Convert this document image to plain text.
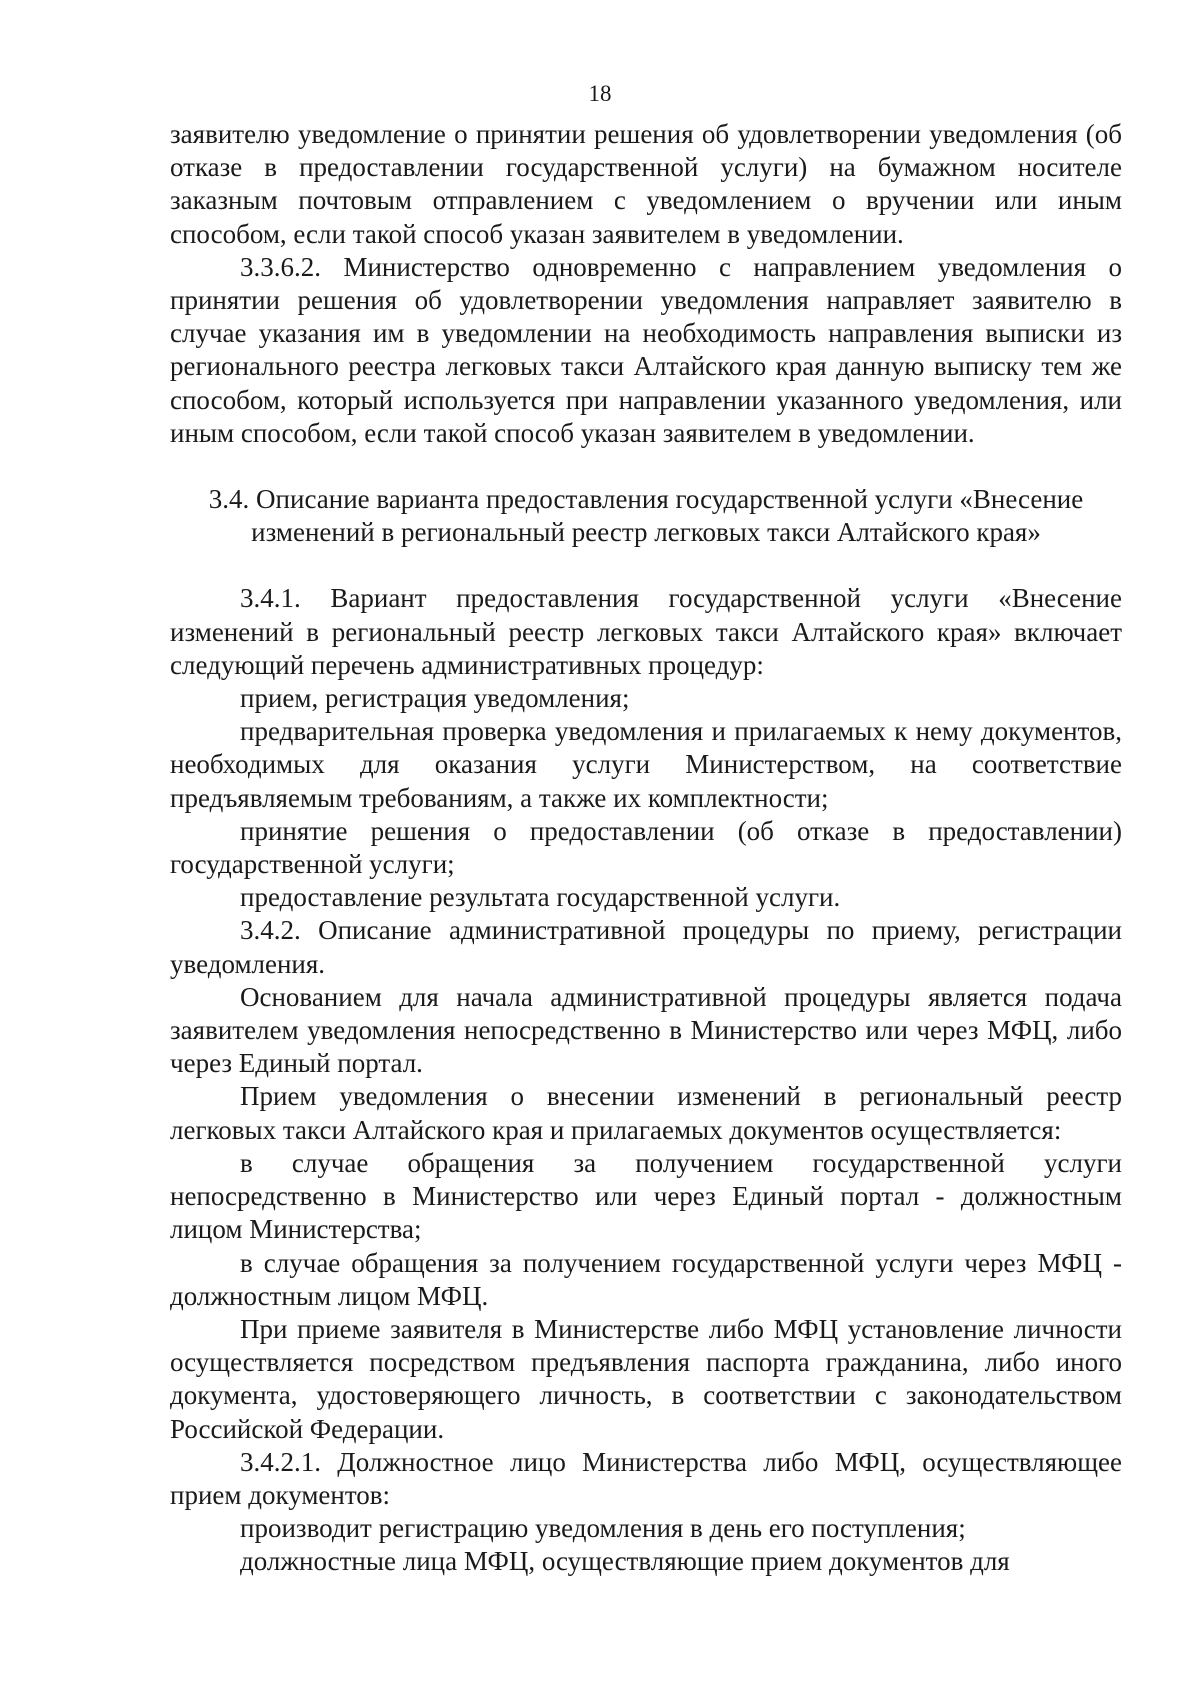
18

заявителю уведомление о принятии решения об удовлетворении уведомления (об отказе в предоставлении государственной услуги) на бумажном носителе заказным почтовым отправлением с уведомлением о вручении или иным способом, если такой способ указан заявителем в уведомлении.

3.3.6.2. Министерство одновременно с направлением уведомления о принятии решения об удовлетворении уведомления направляет заявителю в случае указания им в уведомлении на необходимость направления выписки из регионального реестра легковых такси Алтайского края данную выписку тем же способом, который используется при направлении указанного уведомления, или иным способом, если такой способ указан заявителем в уведомлении.

3.4. Описание варианта предоставления государственной услуги «Внесение изменений в региональный реестр легковых такси Алтайского края»

3.4.1. Вариант предоставления государственной услуги «Внесение изменений в региональный реестр легковых такси Алтайского края» включает следующий перечень административных процедур:

прием, регистрация уведомления;

предварительная проверка уведомления и прилагаемых к нему документов, необходимых для оказания услуги Министерством, на соответствие предъявляемым требованиям, а также их комплектности;

принятие решения о предоставлении (об отказе в предоставлении) государственной услуги;

предоставление результата государственной услуги.

3.4.2. Описание административной процедуры по приему, регистрации уведомления.

Основанием для начала административной процедуры является подача заявителем уведомления непосредственно в Министерство или через МФЦ, либо через Единый портал.

Прием уведомления о внесении изменений в региональный реестр легковых такси Алтайского края и прилагаемых документов осуществляется:

в случае обращения за получением государственной услуги непосредственно в Министерство или через Единый портал - должностным лицом Министерства;

в случае обращения за получением государственной услуги через МФЦ - должностным лицом МФЦ.

При приеме заявителя в Министерстве либо МФЦ установление личности осуществляется посредством предъявления паспорта гражданина, либо иного документа, удостоверяющего личность, в соответствии с законодательством Российской Федерации.

3.4.2.1. Должностное лицо Министерства либо МФЦ, осуществляющее прием документов:

производит регистрацию уведомления в день его поступления;

должностные лица МФЦ, осуществляющие прием документов для
